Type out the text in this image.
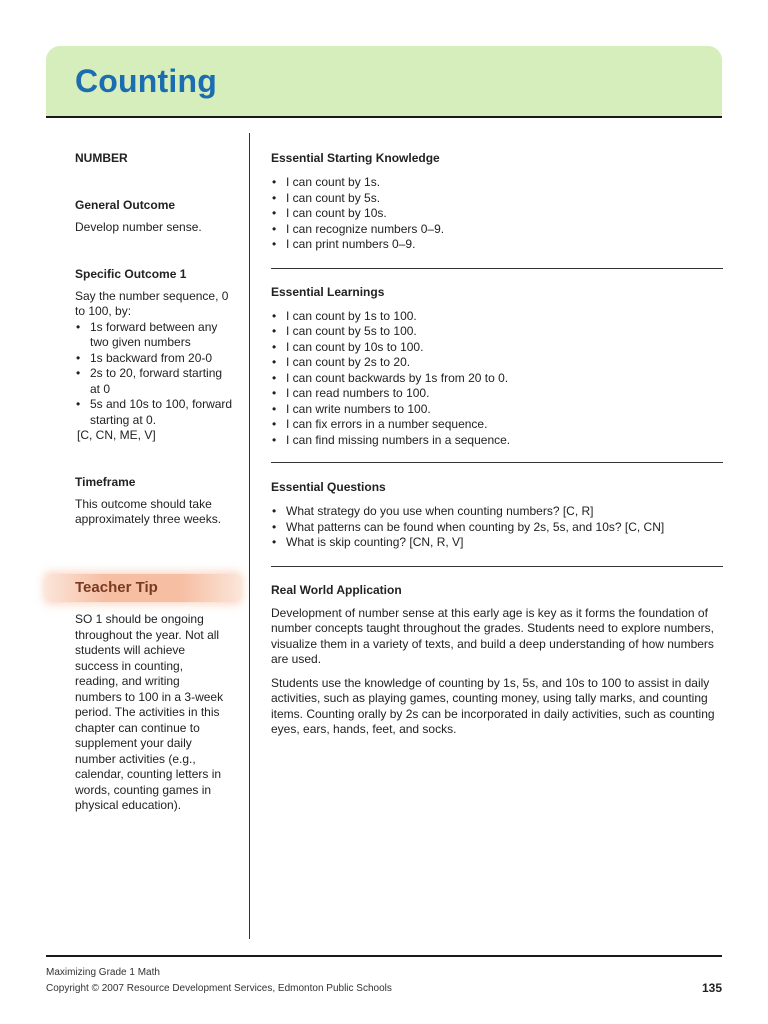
Counting

NUMBER

General Outcome

Develop number sense.

Specific Outcome 1

Say the number sequence, 0 to 100, by:

• 1s forward between any two given numbers
• 1s backward from 20-0
• 2s to 20, forward starting at 0
• 5s and 10s to 100, forward starting at 0.

[C, CN, ME, V]

Timeframe

This outcome should take approximately three weeks.

Teacher Tip

SO 1 should be ongoing throughout the year. Not all students will achieve success in counting, reading, and writing numbers to 100 in a 3-week period. The activities in this chapter can continue to supplement your daily number activities (e.g., calendar, counting letters in words, counting games in physical education).

Essential Starting Knowledge

• I can count by 1s.
• I can count by 5s.
• I can count by 10s.
• I can recognize numbers 0–9.
• I can print numbers 0–9.

Essential Learnings

• I can count by 1s to 100.
• I can count by 5s to 100.
• I can count by 10s to 100.
• I can count by 2s to 20.
• I can count backwards by 1s from 20 to 0.
• I can read numbers to 100.
• I can write numbers to 100.
• I can fix errors in a number sequence.
• I can find missing numbers in a sequence.

Essential Questions

• What strategy do you use when counting numbers? [C, R]
• What patterns can be found when counting by 2s, 5s, and 10s? [C, CN]
• What is skip counting? [CN, R, V]

Real World Application

Development of number sense at this early age is key as it forms the foundation of number concepts taught throughout the grades. Students need to explore numbers, visualize them in a variety of texts, and build a deep understanding of how numbers are used.

Students use the knowledge of counting by 1s, 5s, and 10s to 100 to assist in daily activities, such as playing games, counting money, using tally marks, and counting items. Counting orally by 2s can be incorporated in daily activities, such as counting eyes, ears, hands, feet, and socks.

Maximizing Grade 1 Math
Copyright © 2007 Resource Development Services, Edmonton Public Schools	135
